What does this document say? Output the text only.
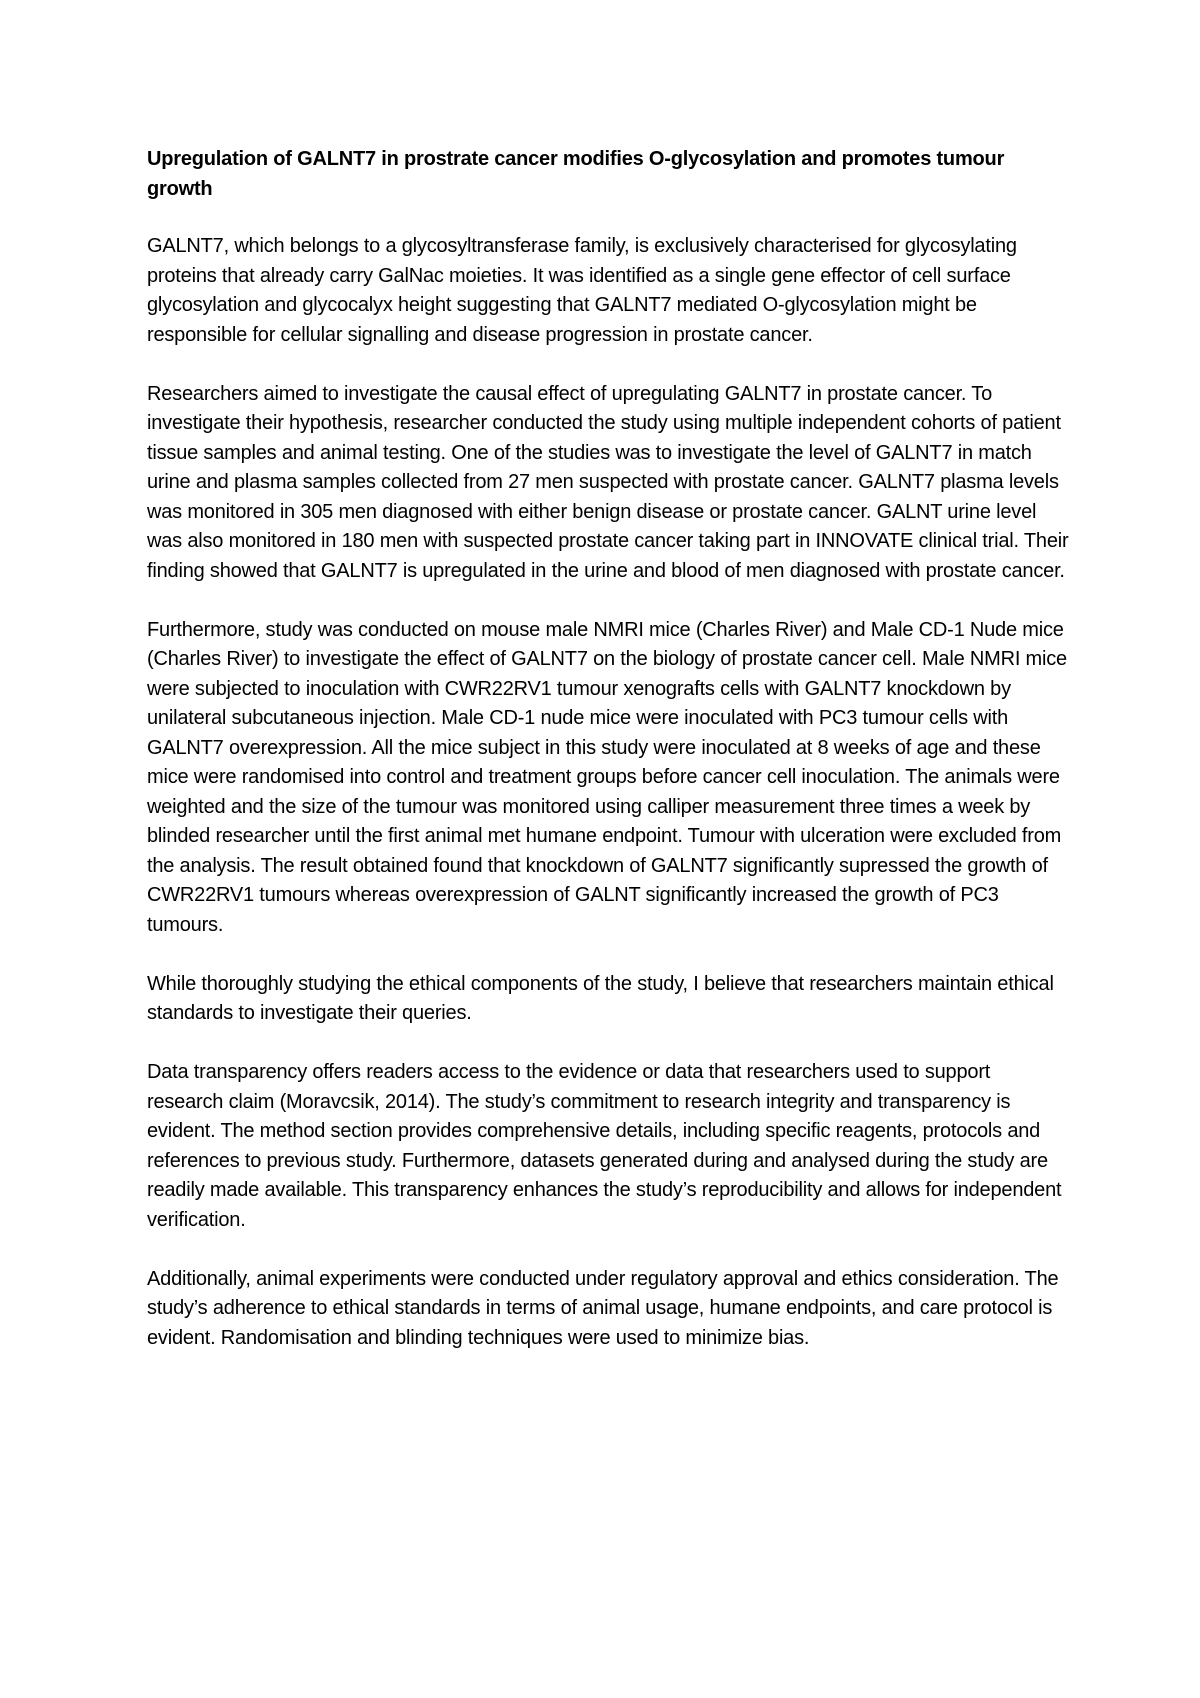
Upregulation of GALNT7 in prostrate cancer modifies O-glycosylation and promotes tumour growth

GALNT7, which belongs to a glycosyltransferase family, is exclusively characterised for glycosylating proteins that already carry GalNac moieties. It was identified as a single gene effector of cell surface glycosylation and glycocalyx height suggesting that GALNT7 mediated O-glycosylation might be responsible for cellular signalling and disease progression in prostate cancer.

Researchers aimed to investigate the causal effect of upregulating GALNT7 in prostate cancer. To investigate their hypothesis, researcher conducted the study using multiple independent cohorts of patient tissue samples and animal testing. One of the studies was to investigate the level of GALNT7 in match urine and plasma samples collected from 27 men suspected with prostate cancer. GALNT7 plasma levels was monitored in 305 men diagnosed with either benign disease or prostate cancer. GALNT urine level was also monitored in 180 men with suspected prostate cancer taking part in INNOVATE clinical trial. Their finding showed that GALNT7 is upregulated in the urine and blood of men diagnosed with prostate cancer.

Furthermore, study was conducted on mouse male NMRI mice (Charles River) and Male CD-1 Nude mice (Charles River) to investigate the effect of GALNT7 on the biology of prostate cancer cell. Male NMRI mice were subjected to inoculation with CWR22RV1 tumour xenografts cells with GALNT7 knockdown by unilateral subcutaneous injection. Male CD-1 nude mice were inoculated with PC3 tumour cells with GALNT7 overexpression. All the mice subject in this study were inoculated at 8 weeks of age and these mice were randomised into control and treatment groups before cancer cell inoculation. The animals were weighted and the size of the tumour was monitored using calliper measurement three times a week by blinded researcher until the first animal met humane endpoint. Tumour with ulceration were excluded from the analysis. The result obtained found that knockdown of GALNT7 significantly supressed the growth of CWR22RV1 tumours whereas overexpression of GALNT significantly increased the growth of PC3 tumours.

While thoroughly studying the ethical components of the study, I believe that researchers maintain ethical standards to investigate their queries.

Data transparency offers readers access to the evidence or data that researchers used to support research claim (Moravcsik, 2014). The study’s commitment to research integrity and transparency is evident. The method section provides comprehensive details, including specific reagents, protocols and references to previous study. Furthermore, datasets generated during and analysed during the study are readily made available. This transparency enhances the study’s reproducibility and allows for independent verification.

Additionally, animal experiments were conducted under regulatory approval and ethics consideration. The study’s adherence to ethical standards in terms of animal usage, humane endpoints, and care protocol is evident. Randomisation and blinding techniques were used to minimize bias.
